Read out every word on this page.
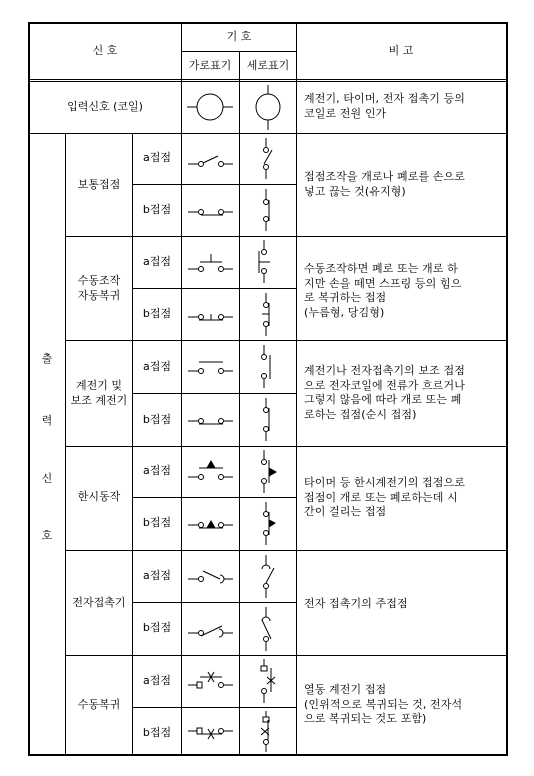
신 호
기 호
가로표기 세로표기
비 고
입력신호 (코일)
계전기, 타이머, 전자 접촉기 등의
코일로 전원 인가
출
력
신
호
보통접점
수동조작
자동복귀
계전기 및
보조 계전기
한시동작
전자접촉기
수동복귀
a접점
b접점
a접점
b접점
a접점
b접점
a접점
b접점
a접점
b접점
a접점
b접점
접점조작을 개로나 폐로를 손으로
넣고 끊는 것(유지형)
수동조작하면 폐로 또는 개로 하
지만 손을 떼면 스프링 등의 힘으
로 복귀하는 접점
(누름형, 당김형)
계전기나 전자접촉기의 보조 접점
으로 전자코일에 전류가 흐르거나
그렇지 않음에 따라 개로 또는 폐
로하는 접점(순시 접점)
타이머 등 한시계전기의 접점으로
접점이 개로 또는 폐로하는데 시
간이 걸리는 접점
전자 접촉기의 주접점
열동 계전기 접점
(인위적으로 복귀되는 것, 전자석
으로 복귀되는 것도 포함)
